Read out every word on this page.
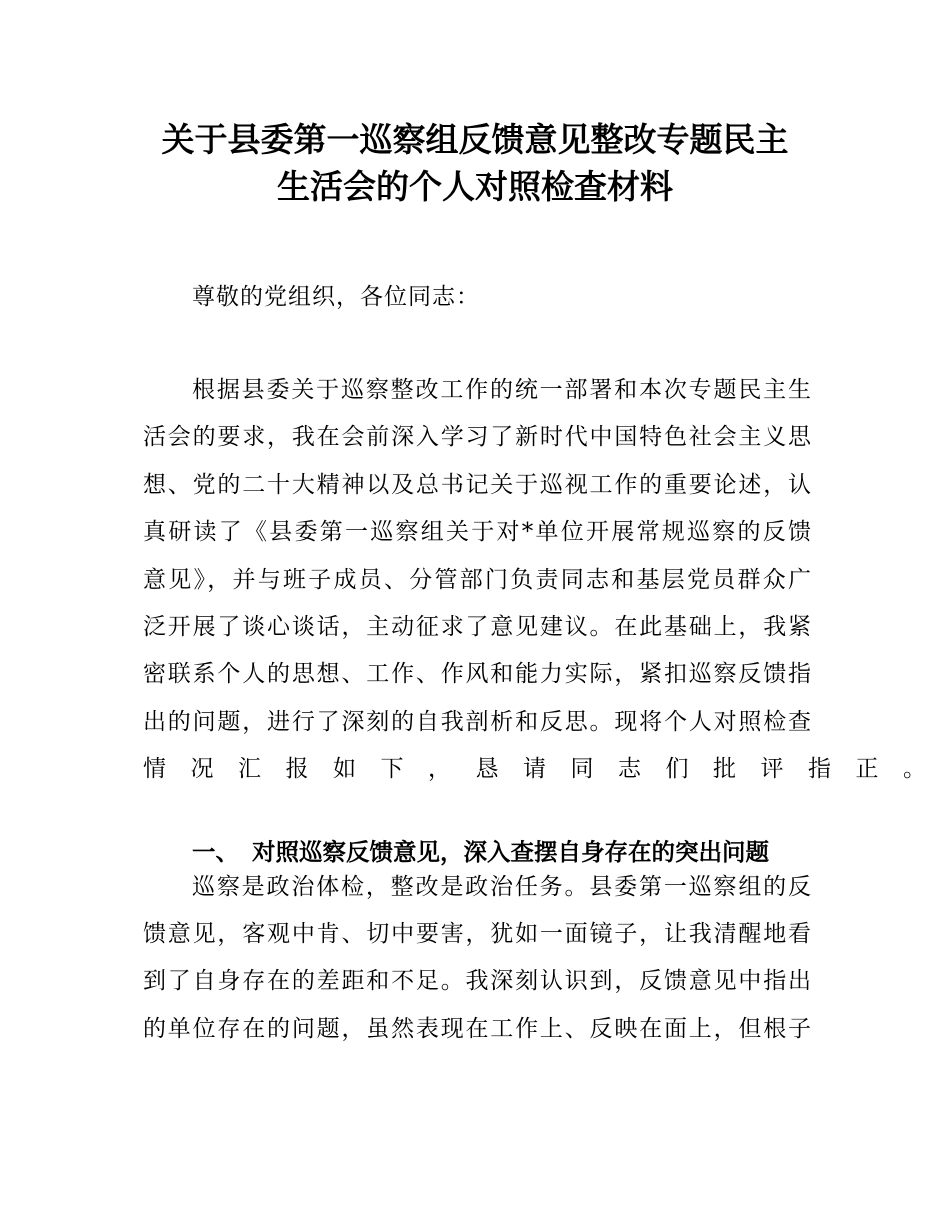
关于县委第一巡察组反馈意见整改专题民主
生活会的个人对照检查材料
尊敬的党组织，各位同志：
根据县委关于巡察整改工作的统一部署和本次专题民主生
活会的要求，我在会前深入学习了新时代中国特色社会主义思
想、党的二十大精神以及总书记关于巡视工作的重要论述，认
真研读了《县委第一巡察组关于对*单位开展常规巡察的反馈
意见》，并与班子成员、分管部门负责同志和基层党员群众广
泛开展了谈心谈话，主动征求了意见建议。在此基础上，我紧
密联系个人的思想、工作、作风和能力实际，紧扣巡察反馈指
出的问题，进行了深刻的自我剖析和反思。现将个人对照检查
情况汇报如下，恳请同志们批评指正。
一、 对照巡察反馈意见，深入查摆自身存在的突出问题
巡察是政治体检，整改是政治任务。县委第一巡察组的反
馈意见，客观中肯、切中要害，犹如一面镜子，让我清醒地看
到了自身存在的差距和不足。我深刻认识到，反馈意见中指出
的单位存在的问题，虽然表现在工作上、反映在面上，但根子
